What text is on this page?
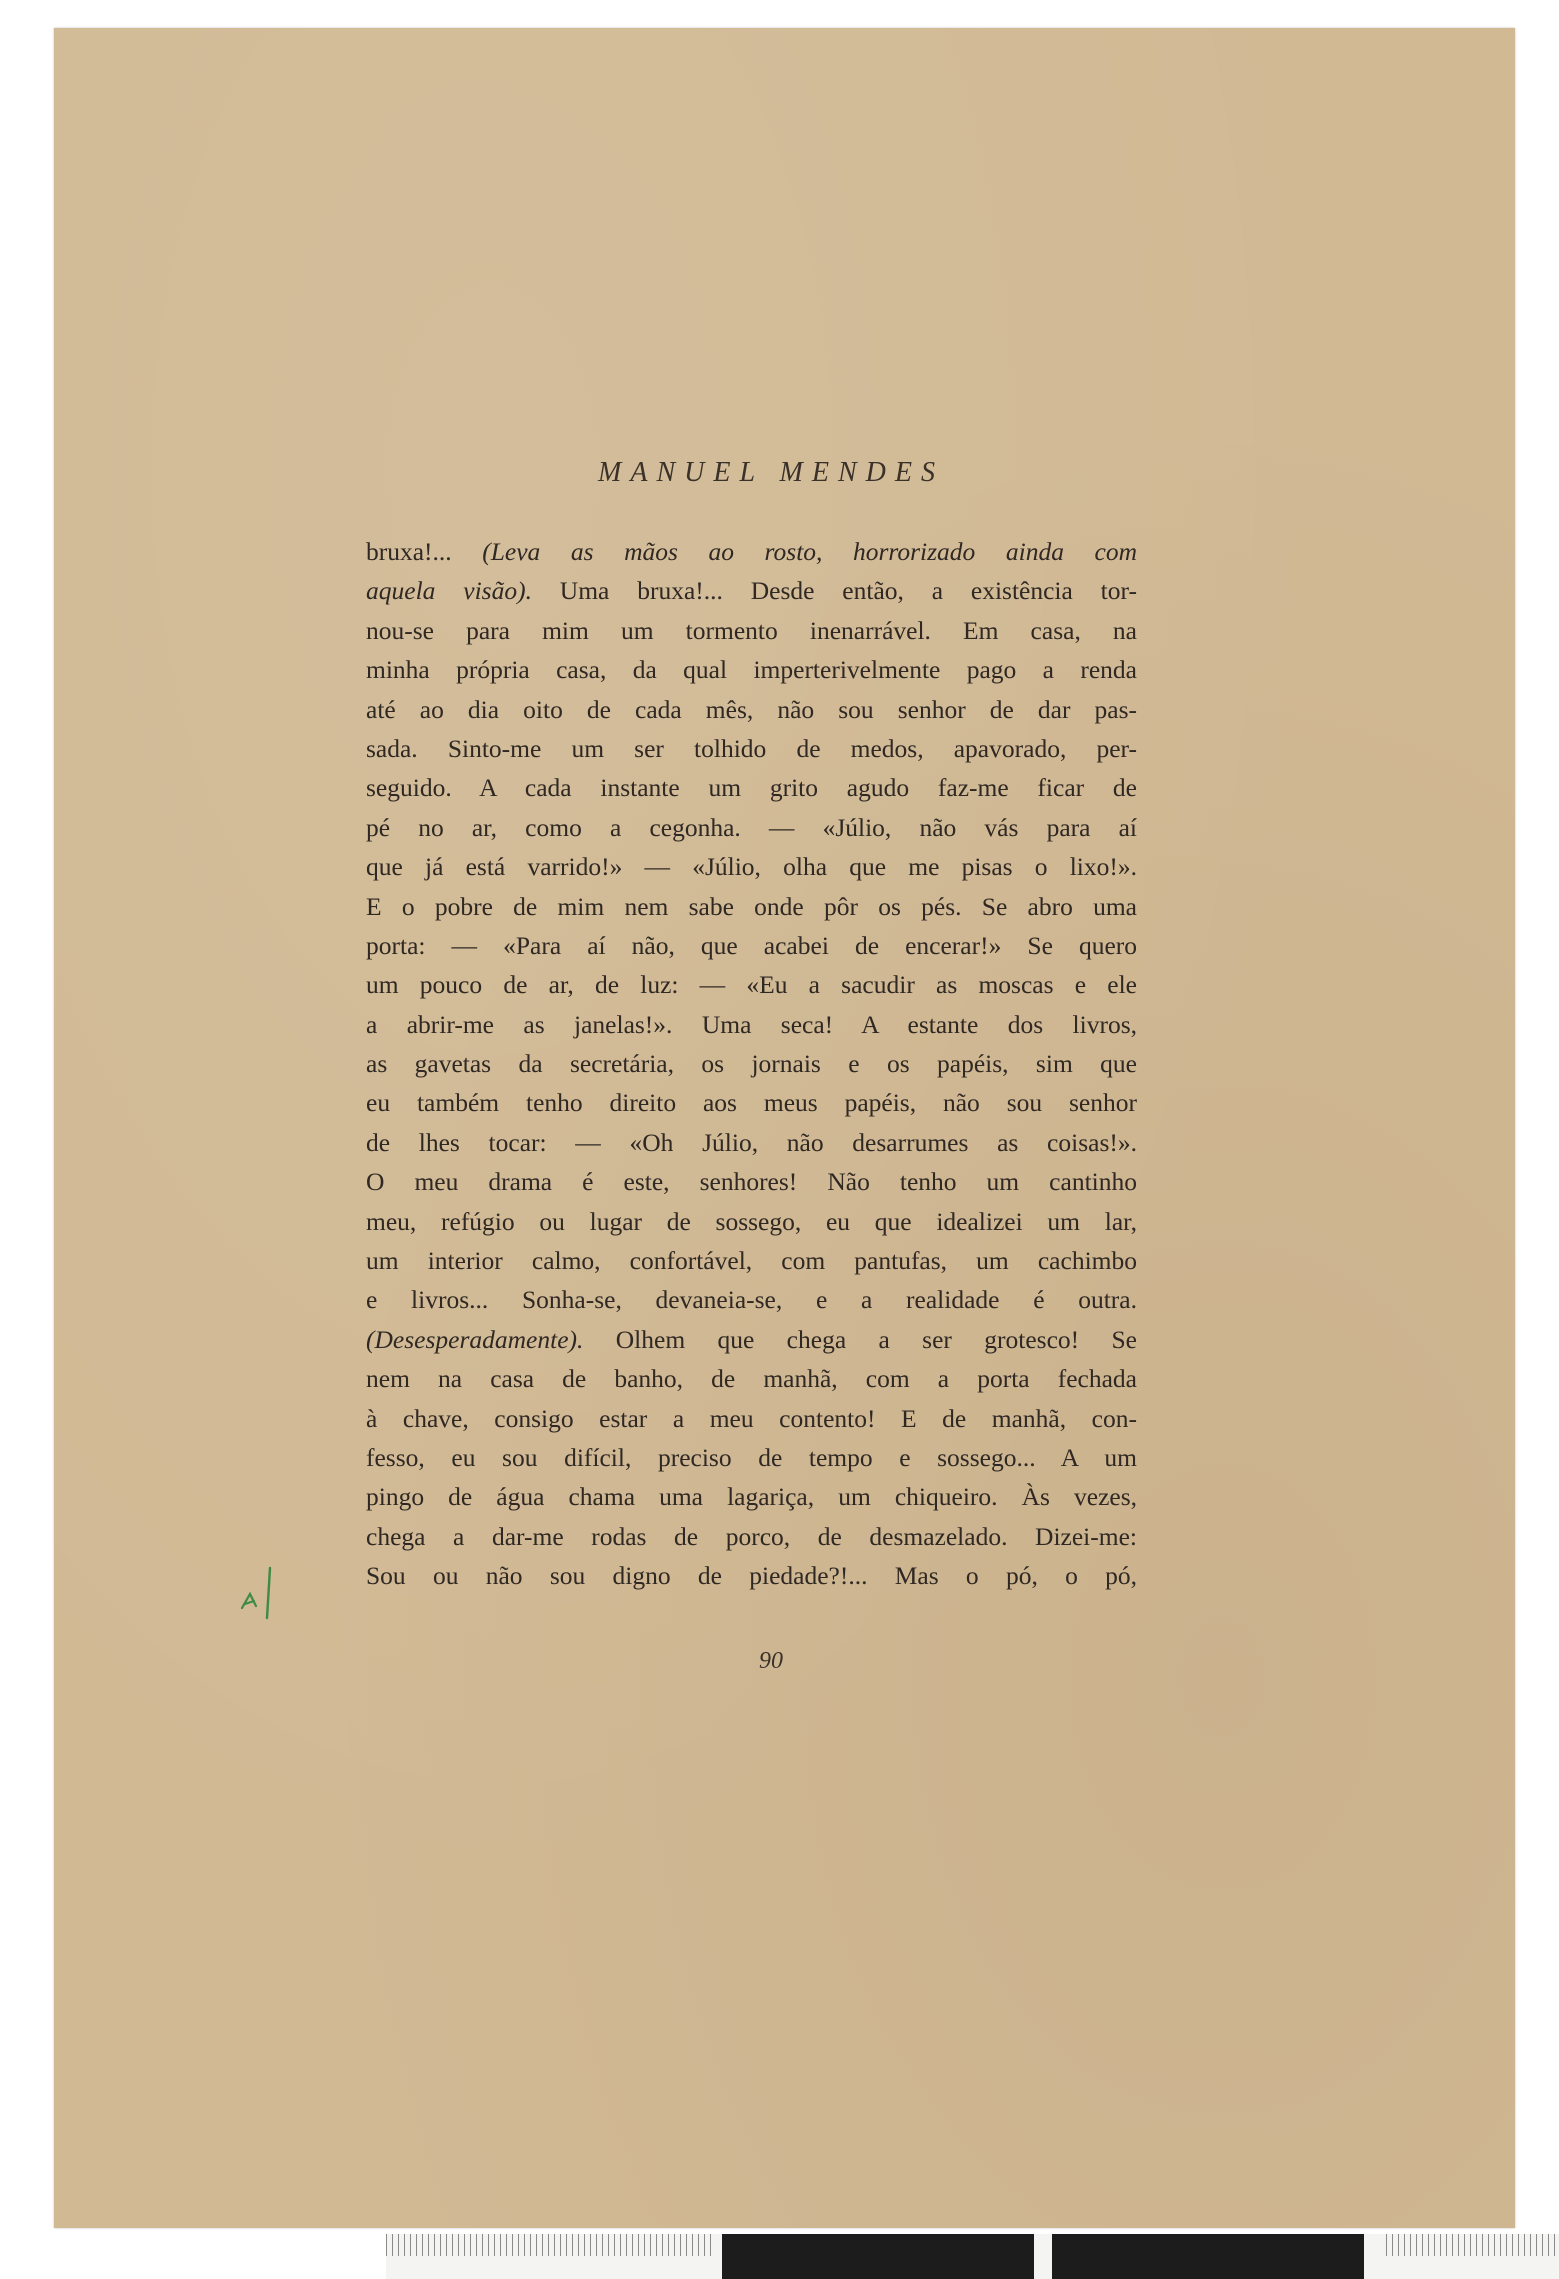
MANUEL MENDES
bruxa!... (Leva as mãos ao rosto, horrorizado ainda com
aquela visão). Uma bruxa!... Desde então, a existência tor-
nou-se para mim um tormento inenarrável. Em casa, na
minha própria casa, da qual imperterivelmente pago a renda
até ao dia oito de cada mês, não sou senhor de dar pas-
sada. Sinto-me um ser tolhido de medos, apavorado, per-
seguido. A cada instante um grito agudo faz-me ficar de
pé no ar, como a cegonha. — «Júlio, não vás para aí
que já está varrido!» — «Júlio, olha que me pisas o lixo!».
E o pobre de mim nem sabe onde pôr os pés. Se abro uma
porta: — «Para aí não, que acabei de encerar!» Se quero
um pouco de ar, de luz: — «Eu a sacudir as moscas e ele
a abrir-me as janelas!». Uma seca! A estante dos livros,
as gavetas da secretária, os jornais e os papéis, sim que
eu também tenho direito aos meus papéis, não sou senhor
de lhes tocar: — «Oh Júlio, não desarrumes as coisas!».
O meu drama é este, senhores! Não tenho um cantinho
meu, refúgio ou lugar de sossego, eu que idealizei um lar,
um interior calmo, confortável, com pantufas, um cachimbo
e livros... Sonha-se, devaneia-se, e a realidade é outra.
(Desesperadamente). Olhem que chega a ser grotesco! Se
nem na casa de banho, de manhã, com a porta fechada
à chave, consigo estar a meu contento! E de manhã, con-
fesso, eu sou difícil, preciso de tempo e sossego... A um
pingo de água chama uma lagariça, um chiqueiro. Às vezes,
chega a dar-me rodas de porco, de desmazelado. Dizei-me:
Sou ou não sou digno de piedade?!... Mas o pó, o pó,
90
